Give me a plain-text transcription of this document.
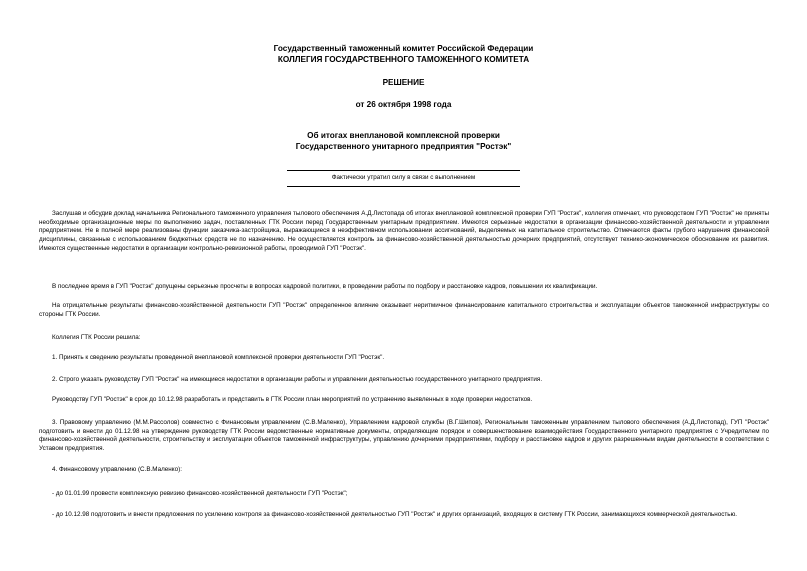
Государственный таможенный комитет Российской Федерации
КОЛЛЕГИЯ ГОСУДАРСТВЕННОГО ТАМОЖЕННОГО КОМИТЕТА
РЕШЕНИЕ
от 26 октября 1998 года
Об итогах внеплановой комплексной проверки
Государственного унитарного предприятия "Ростэк"
Фактически утратил силу в связи с выполнением

Заслушав и обсудив доклад начальника Регионального таможенного управления тылового обеспечения А.Д.Листопада об итогах внеплановой комплексной проверки ГУП "Ростэк", коллегия отмечает, что руководством ГУП "Ростэк" не приняты необходимые организационные меры по выполнению задач, поставленных ГТК России перед Государственным унитарным предприятием. Имеются серьезные недостатки в организации финансово-хозяйственной деятельности и управлении предприятием. Не в полной мере реализованы функции заказчика-застройщика, выражающиеся в неэффективном использовании ассигнований, выделяемых на капитальное строительство. Отмечаются факты грубого нарушения финансовой дисциплины, связанные с использованием бюджетных средств не по назначению. Не осуществляется контроль за финансово-хозяйственной деятельностью дочерних предприятий, отсутствует технико-экономическое обоснование их развития. Имеются существенные недостатки в организации контрольно-ревизионной работы, проводимой ГУП "Ростэк".

В последнее время в ГУП "Ростэк" допущены серьезные просчеты в вопросах кадровой политики, в проведении работы по подбору и расстановке кадров, повышении их квалификации.

На отрицательные результаты финансово-хозяйственной деятельности ГУП "Ростэк" определенное влияние оказывает неритмичное финансирование капитального строительства и эксплуатации объектов таможенной инфраструктуры со стороны ГТК России.

Коллегия ГТК России решила:

1. Принять к сведению результаты проведенной внеплановой комплексной проверки деятельности ГУП "Ростэк".

2. Строго указать руководству ГУП "Ростэк" на имеющиеся недостатки в организации работы и управлении деятельностью государственного унитарного предприятия.

Руководству ГУП "Ростэк" в срок до 10.12.98 разработать и представить в ГТК России план мероприятий по устранению выявленных в ходе проверки недостатков.

3. Правовому управлению (М.М.Рассолов) совместно с Финансовым управлением (С.В.Маленко), Управлением кадровой службы (В.Г.Шипов), Региональным таможенным управлением тылового обеспечения (А.Д.Листопад), ГУП "Ростэк" подготовить и внести до 01.12.98 на утверждение руководству ГТК России ведомственные нормативные документы, определяющие порядок и совершенствование взаимодействия Государственного унитарного предприятия с Учредителем по финансово-хозяйственной деятельности, строительству и эксплуатации объектов таможенной инфраструктуры, управлению дочерними предприятиями, подбору и расстановке кадров и других разрешенным видам деятельности в соответствии с Уставом предприятия.

4. Финансовому управлению (С.В.Маленко):

- до 01.01.99 провести комплексную ревизию финансово-хозяйственной деятельности ГУП "Ростэк";

- до 10.12.98 подготовить и внести предложения по усилению контроля за финансово-хозяйственной деятельностью ГУП "Ростэк" и других организаций, входящих в систему ГТК России, занимающихся коммерческой деятельностью.
